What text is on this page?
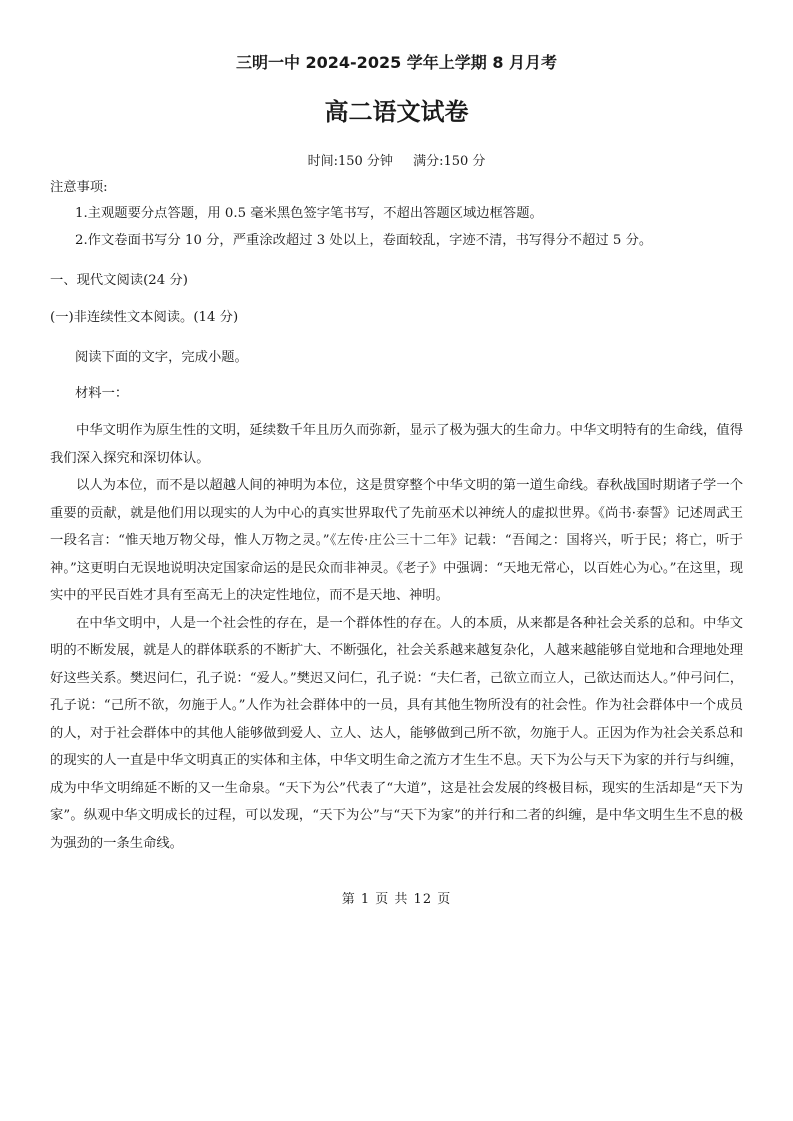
三明一中 2024-2025 学年上学期 8 月月考
高二语文试卷
时间:150 分钟 满分:150 分
注意事项:
1.主观题要分点答题，用 0.5 毫米黑色签字笔书写，不超出答题区域边框答题。
2.作文卷面书写分 10 分，严重涂改超过 3 处以上，卷面较乱，字迹不清，书写得分不超过 5 分。
一、现代文阅读(24 分)
(一)非连续性文本阅读。(14 分)
阅读下面的文字，完成小题。
材料一：

中华文明作为原生性的文明，延续数千年且历久而弥新，显示了极为强大的生命力。中华文明特有的生命线，值得我们深入探究和深切体认。

以人为本位，而不是以超越人间的神明为本位，这是贯穿整个中华文明的第一道生命线。春秋战国时期诸子学一个重要的贡献，就是他们用以现实的人为中心的真实世界取代了先前巫术以神统人的虚拟世界。《尚书·泰誓》记述周武王一段名言：“惟天地万物父母，惟人万物之灵。”《左传·庄公三十二年》记载：“吾闻之：国将兴，听于民；将亡，听于神。”这更明白无误地说明决定国家命运的是民众而非神灵。《老子》中强调：“天地无常心，以百姓心为心。”在这里，现实中的平民百姓才具有至高无上的决定性地位，而不是天地、神明。

在中华文明中，人是一个社会性的存在，是一个群体性的存在。人的本质，从来都是各种社会关系的总和。中华文明的不断发展，就是人的群体联系的不断扩大、不断强化，社会关系越来越复杂化，人越来越能够自觉地和合理地处理好这些关系。樊迟问仁，孔子说：“爱人。”樊迟又问仁，孔子说：“夫仁者，己欲立而立人，己欲达而达人。”仲弓问仁，孔子说：“己所不欲，勿施于人。”人作为社会群体中的一员，具有其他生物所没有的社会性。作为社会群体中一个成员的人，对于社会群体中的其他人能够做到爱人、立人、达人，能够做到己所不欲，勿施于人。正因为作为社会关系总和的现实的人一直是中华文明真正的实体和主体，中华文明生命之流方才生生不息。天下为公与天下为家的并行与纠缠，成为中华文明绵延不断的又一生命泉。“天下为公”代表了“大道”，这是社会发展的终极目标，现实的生活却是“天下为家”。纵观中华文明成长的过程，可以发现，“天下为公”与“天下为家”的并行和二者的纠缠，是中华文明生生不息的极为强劲的一条生命线。

第 1 页 共 12 页
